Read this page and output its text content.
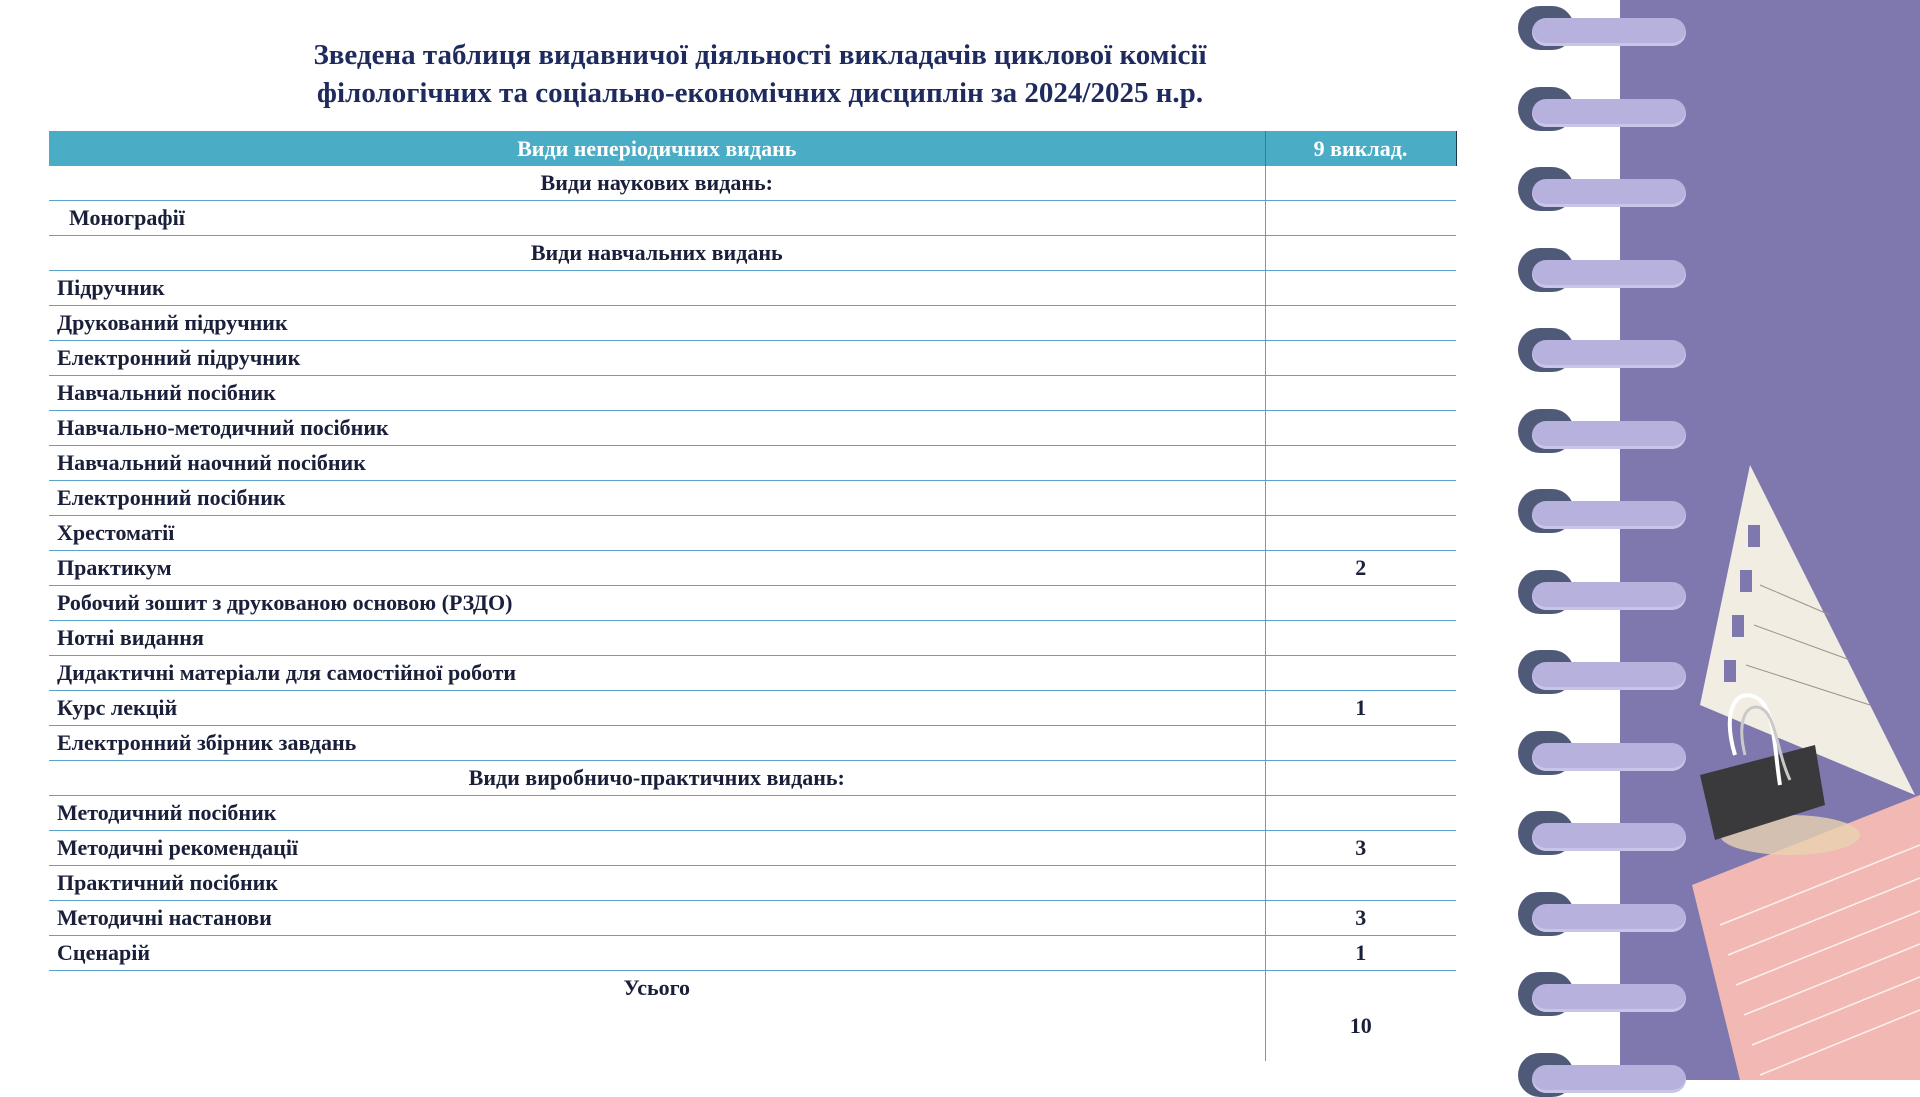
Зведена таблиця видавничої діяльності викладачів циклової комісії
філологічних та соціально-економічних дисциплін за 2024/2025 н.р.
Види неперіодичних видань	9 виклад.
Види наукових видань:	
Монографії	
Види навчальних видань	
Підручник	
Друкований підручник	
Електронний підручник	
Навчальний посібник	
Навчально-методичний посібник	
Навчальний наочний посібник	
Електронний посібник	
Хрестоматії	
Практикум	2
Робочий зошит з друкованою основою (РЗДО)	
Нотні видання	
Дидактичні матеріали для самостійної роботи	
Курс лекцій	1
Електронний збірник завдань	
Види виробничо-практичних видань:	
Методичний посібник	
Методичні рекомендації	3
Практичний посібник	
Методичні настанови	3
Сценарій	1
Усього	10
